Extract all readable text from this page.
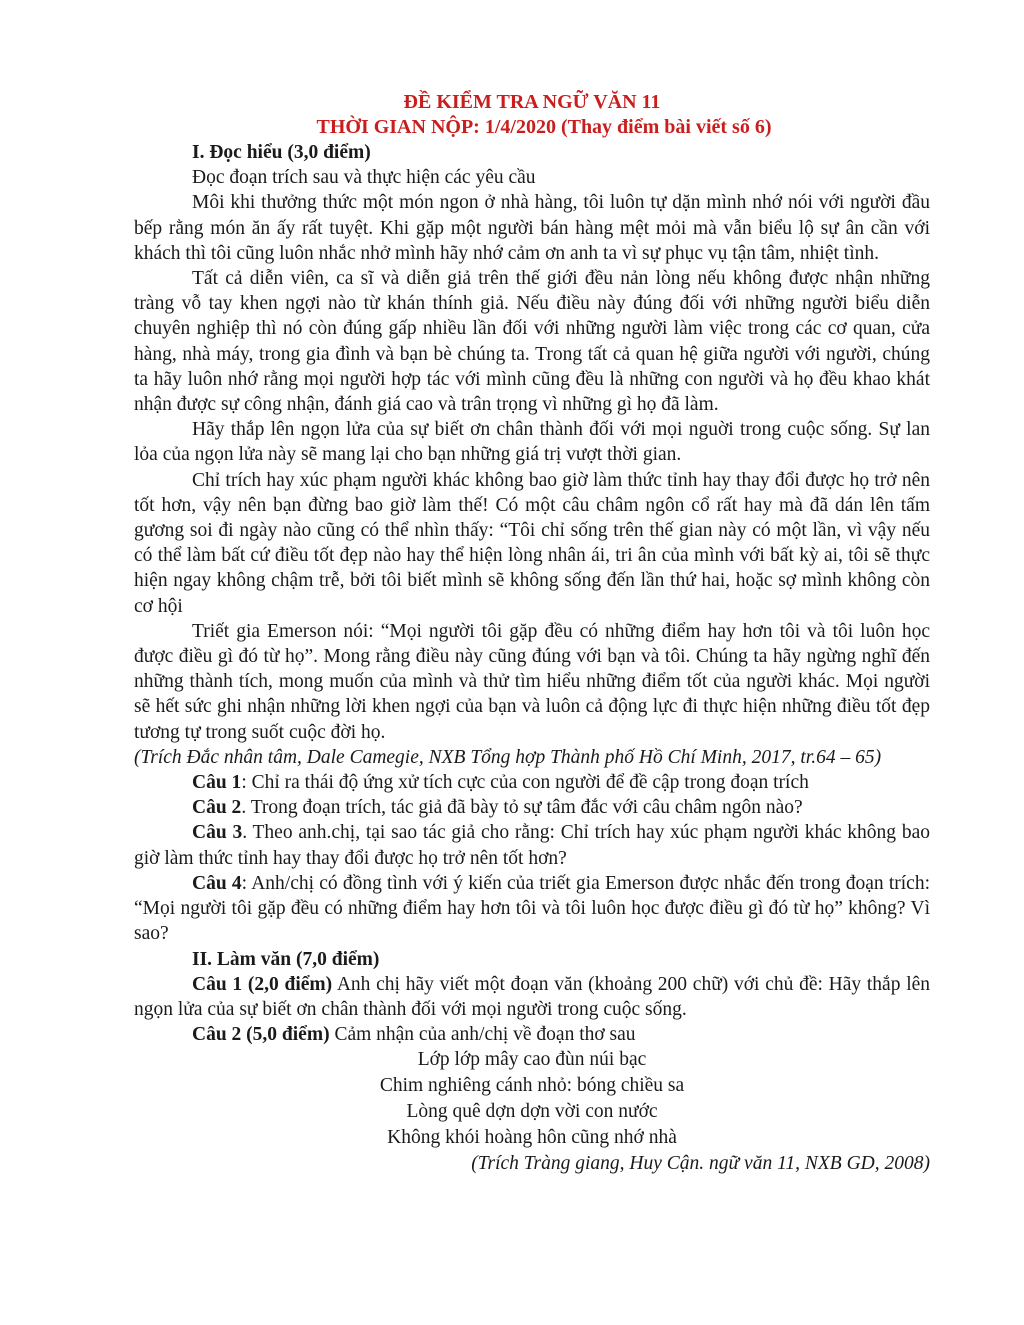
ĐỀ KIỂM TRA NGỮ VĂN 11
THỜI GIAN NỘP: 1/4/2020 (Thay điểm bài viết số 6)
I. Đọc hiểu (3,0 điểm)

Đọc đoạn trích sau và thực hiện các yêu cầu

Môi khi thưởng thức một món ngon ở nhà hàng, tôi luôn tự dặn mình nhớ nói với người đầu bếp rằng món ăn ấy rất tuyệt. Khi gặp một người bán hàng mệt mỏi mà vẫn biểu lộ sự ân cần với khách thì tôi cũng luôn nhắc nhở mình hãy nhớ cảm ơn anh ta vì sự phục vụ tận tâm, nhiệt tình.

Tất cả diễn viên, ca sĩ và diễn giả trên thế giới đều nản lòng nếu không được nhận những tràng vỗ tay khen ngợi nào từ khán thính giả. Nếu điều này đúng đối với những người biểu diễn chuyên nghiệp thì nó còn đúng gấp nhiều lần đối với những người làm việc trong các cơ quan, cửa hàng, nhà máy, trong gia đình và bạn bè chúng ta. Trong tất cả quan hệ giữa người với người, chúng ta hãy luôn nhớ rằng mọi người hợp tác với mình cũng đều là những con người và họ đều khao khát nhận được sự công nhận, đánh giá cao và trân trọng vì những gì họ đã làm.

Hãy thắp lên ngọn lửa của sự biết ơn chân thành đối với mọi nguời trong cuộc sống. Sự lan lỏa của ngọn lửa này sẽ mang lại cho bạn những giá trị vượt thời gian.

Chỉ trích hay xúc phạm người khác không bao giờ làm thức tỉnh hay thay đổi được họ trở nên tốt hơn, vậy nên bạn đừng bao giờ làm thế! Có một câu châm ngôn cổ rất hay mà đã dán lên tấm gương soi đi ngày nào cũng có thể nhìn thấy: “Tôi chỉ sống trên thế gian này có một lần, vì vậy nếu có thể làm bất cứ điều tốt đẹp nào hay thể hiện lòng nhân ái, tri ân của mình với bất kỳ ai, tôi sẽ thực hiện ngay không chậm trễ, bởi tôi biết mình sẽ không sống đến lần thứ hai, hoặc sợ mình không còn cơ hội

Triết gia Emerson nói: “Mọi người tôi gặp đều có những điểm hay hơn tôi và tôi luôn học được điều gì đó từ họ”. Mong rằng điều này cũng đúng với bạn và tôi. Chúng ta hãy ngừng nghĩ đến những thành tích, mong muốn của mình và thử tìm hiểu những điểm tốt của người khác. Mọi người sẽ hết sức ghi nhận những lời khen ngợi của bạn và luôn cả động lực đi thực hiện những điều tốt đẹp tương tự trong suốt cuộc đời họ.

(Trích Đắc nhân tâm, Dale Camegie, NXB Tổng hợp Thành phố Hồ Chí Minh, 2017, tr.64 – 65)

Câu 1: Chỉ ra thái độ ứng xử tích cực của con người để đề cập trong đoạn trích

Câu 2. Trong đoạn trích, tác giả đã bày tỏ sự tâm đắc với câu châm ngôn nào?

Câu 3. Theo anh.chị, tại sao tác giả cho rằng: Chỉ trích hay xúc phạm người khác không bao giờ làm thức tỉnh hay thay đổi được họ trở nên tốt hơn?

Câu 4: Anh/chị có đồng tình với ý kiến của triết gia Emerson được nhắc đến trong đoạn trích: “Mọi người tôi gặp đều có những điểm hay hơn tôi và tôi luôn học được điều gì đó từ họ” không? Vì sao?

II. Làm văn (7,0 điểm)

Câu 1 (2,0 điểm) Anh chị hãy viết một đoạn văn (khoảng 200 chữ) với chủ đề: Hãy thắp lên ngọn lửa của sự biết ơn chân thành đối với mọi người trong cuộc sống.

Câu 2 (5,0 điểm) Cảm nhận của anh/chị về đoạn thơ sau

Lớp lớp mây cao đùn núi bạc
Chim nghiêng cánh nhỏ: bóng chiều sa
Lòng quê dợn dợn vời con nước
Không khói hoàng hôn cũng nhớ nhà

(Trích Tràng giang, Huy Cận. ngữ văn 11, NXB GD, 2008)
